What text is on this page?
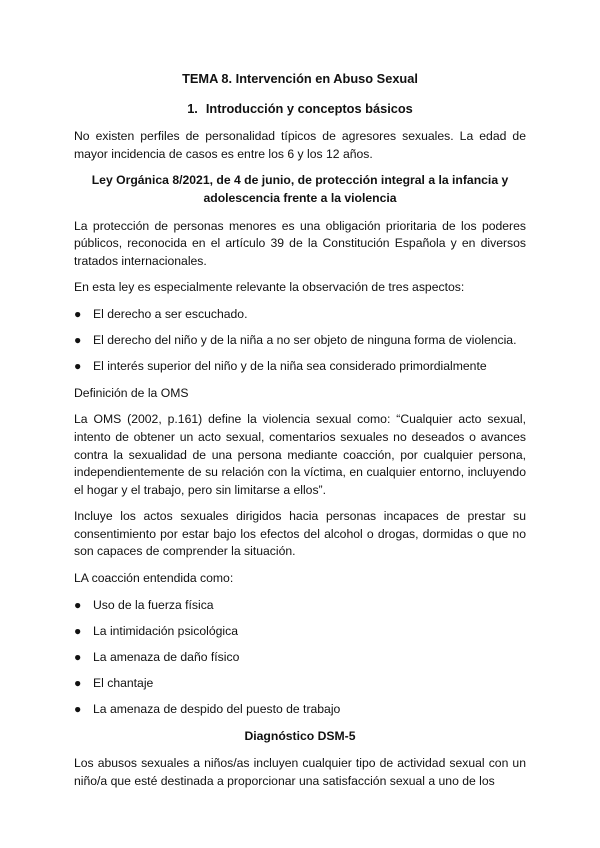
TEMA 8. Intervención en Abuso Sexual
1. Introducción y conceptos básicos

No existen perfiles de personalidad típicos de agresores sexuales. La edad de mayor incidencia de casos es entre los 6 y los 12 años.

Ley Orgánica 8/2021, de 4 de junio, de protección integral a la infancia y adolescencia frente a la violencia

La protección de personas menores es una obligación prioritaria de los poderes públicos, reconocida en el artículo 39 de la Constitución Española y en diversos tratados internacionales.

En esta ley es especialmente relevante la observación de tres aspectos:

● El derecho a ser escuchado.
● El derecho del niño y de la niña a no ser objeto de ninguna forma de violencia.
● El interés superior del niño y de la niña sea considerado primordialmente

Definición de la OMS

La OMS (2002, p.161) define la violencia sexual como: “Cualquier acto sexual, intento de obtener un acto sexual, comentarios sexuales no deseados o avances contra la sexualidad de una persona mediante coacción, por cualquier persona, independientemente de su relación con la víctima, en cualquier entorno, incluyendo el hogar y el trabajo, pero sin limitarse a ellos”.

Incluye los actos sexuales dirigidos hacia personas incapaces de prestar su consentimiento por estar bajo los efectos del alcohol o drogas, dormidas o que no son capaces de comprender la situación.

LA coacción entendida como:

● Uso de la fuerza física
● La intimidación psicológica
● La amenaza de daño físico
● El chantaje
● La amenaza de despido del puesto de trabajo
Diagnóstico DSM-5

Los abusos sexuales a niños/as incluyen cualquier tipo de actividad sexual con un niño/a que esté destinada a proporcionar una satisfacción sexual a uno de los
